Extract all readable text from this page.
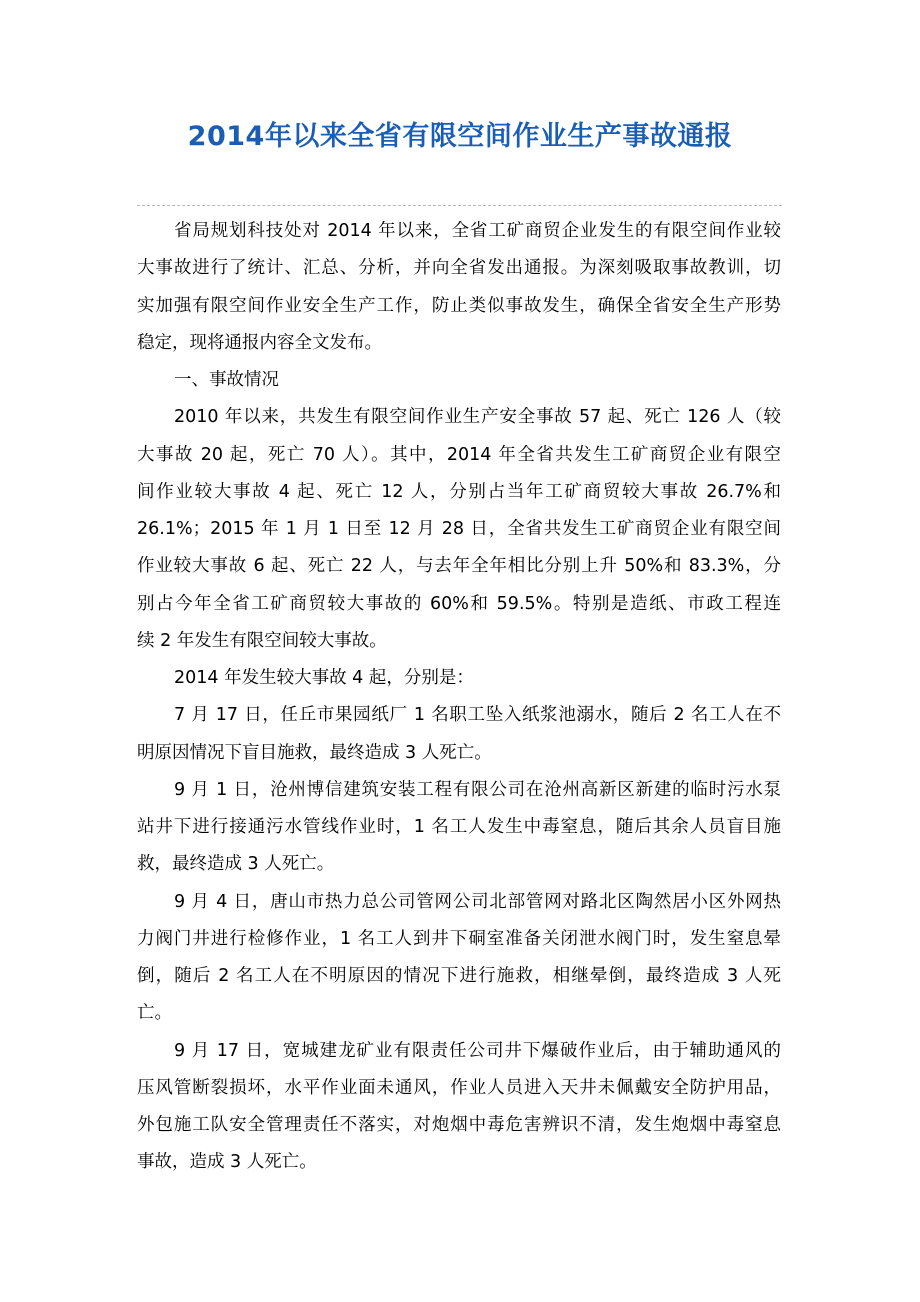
2014年以来全省有限空间作业生产事故通报
省局规划科技处对 2014 年以来，全省工矿商贸企业发生的有限空间作业较
大事故进行了统计、汇总、分析，并向全省发出通报。为深刻吸取事故教训，切
实加强有限空间作业安全生产工作，防止类似事故发生，确保全省安全生产形势
稳定，现将通报内容全文发布。
一、事故情况
2010 年以来，共发生有限空间作业生产安全事故 57 起、死亡 126 人（较
大事故 20 起，死亡 70 人）。其中，2014 年全省共发生工矿商贸企业有限空
间作业较大事故 4 起、死亡 12 人，分别占当年工矿商贸较大事故 26.7%和
26.1%；2015 年 1 月 1 日至 12 月 28 日，全省共发生工矿商贸企业有限空间
作业较大事故 6 起、死亡 22 人，与去年全年相比分别上升 50%和 83.3%，分
别占今年全省工矿商贸较大事故的 60%和 59.5%。特别是造纸、市政工程连
续 2 年发生有限空间较大事故。
2014 年发生较大事故 4 起，分别是：
7 月 17 日，任丘市果园纸厂 1 名职工坠入纸浆池溺水，随后 2 名工人在不
明原因情况下盲目施救，最终造成 3 人死亡。
9 月 1 日，沧州博信建筑安装工程有限公司在沧州高新区新建的临时污水泵
站井下进行接通污水管线作业时，1 名工人发生中毒窒息，随后其余人员盲目施
救，最终造成 3 人死亡。
9 月 4 日，唐山市热力总公司管网公司北部管网对路北区陶然居小区外网热
力阀门井进行检修作业，1 名工人到井下硐室准备关闭泄水阀门时，发生窒息晕
倒，随后 2 名工人在不明原因的情况下进行施救，相继晕倒，最终造成 3 人死
亡。
9 月 17 日，宽城建龙矿业有限责任公司井下爆破作业后，由于辅助通风的
压风管断裂损坏，水平作业面未通风，作业人员进入天井未佩戴安全防护用品，
外包施工队安全管理责任不落实，对炮烟中毒危害辨识不清，发生炮烟中毒窒息
事故，造成 3 人死亡。
